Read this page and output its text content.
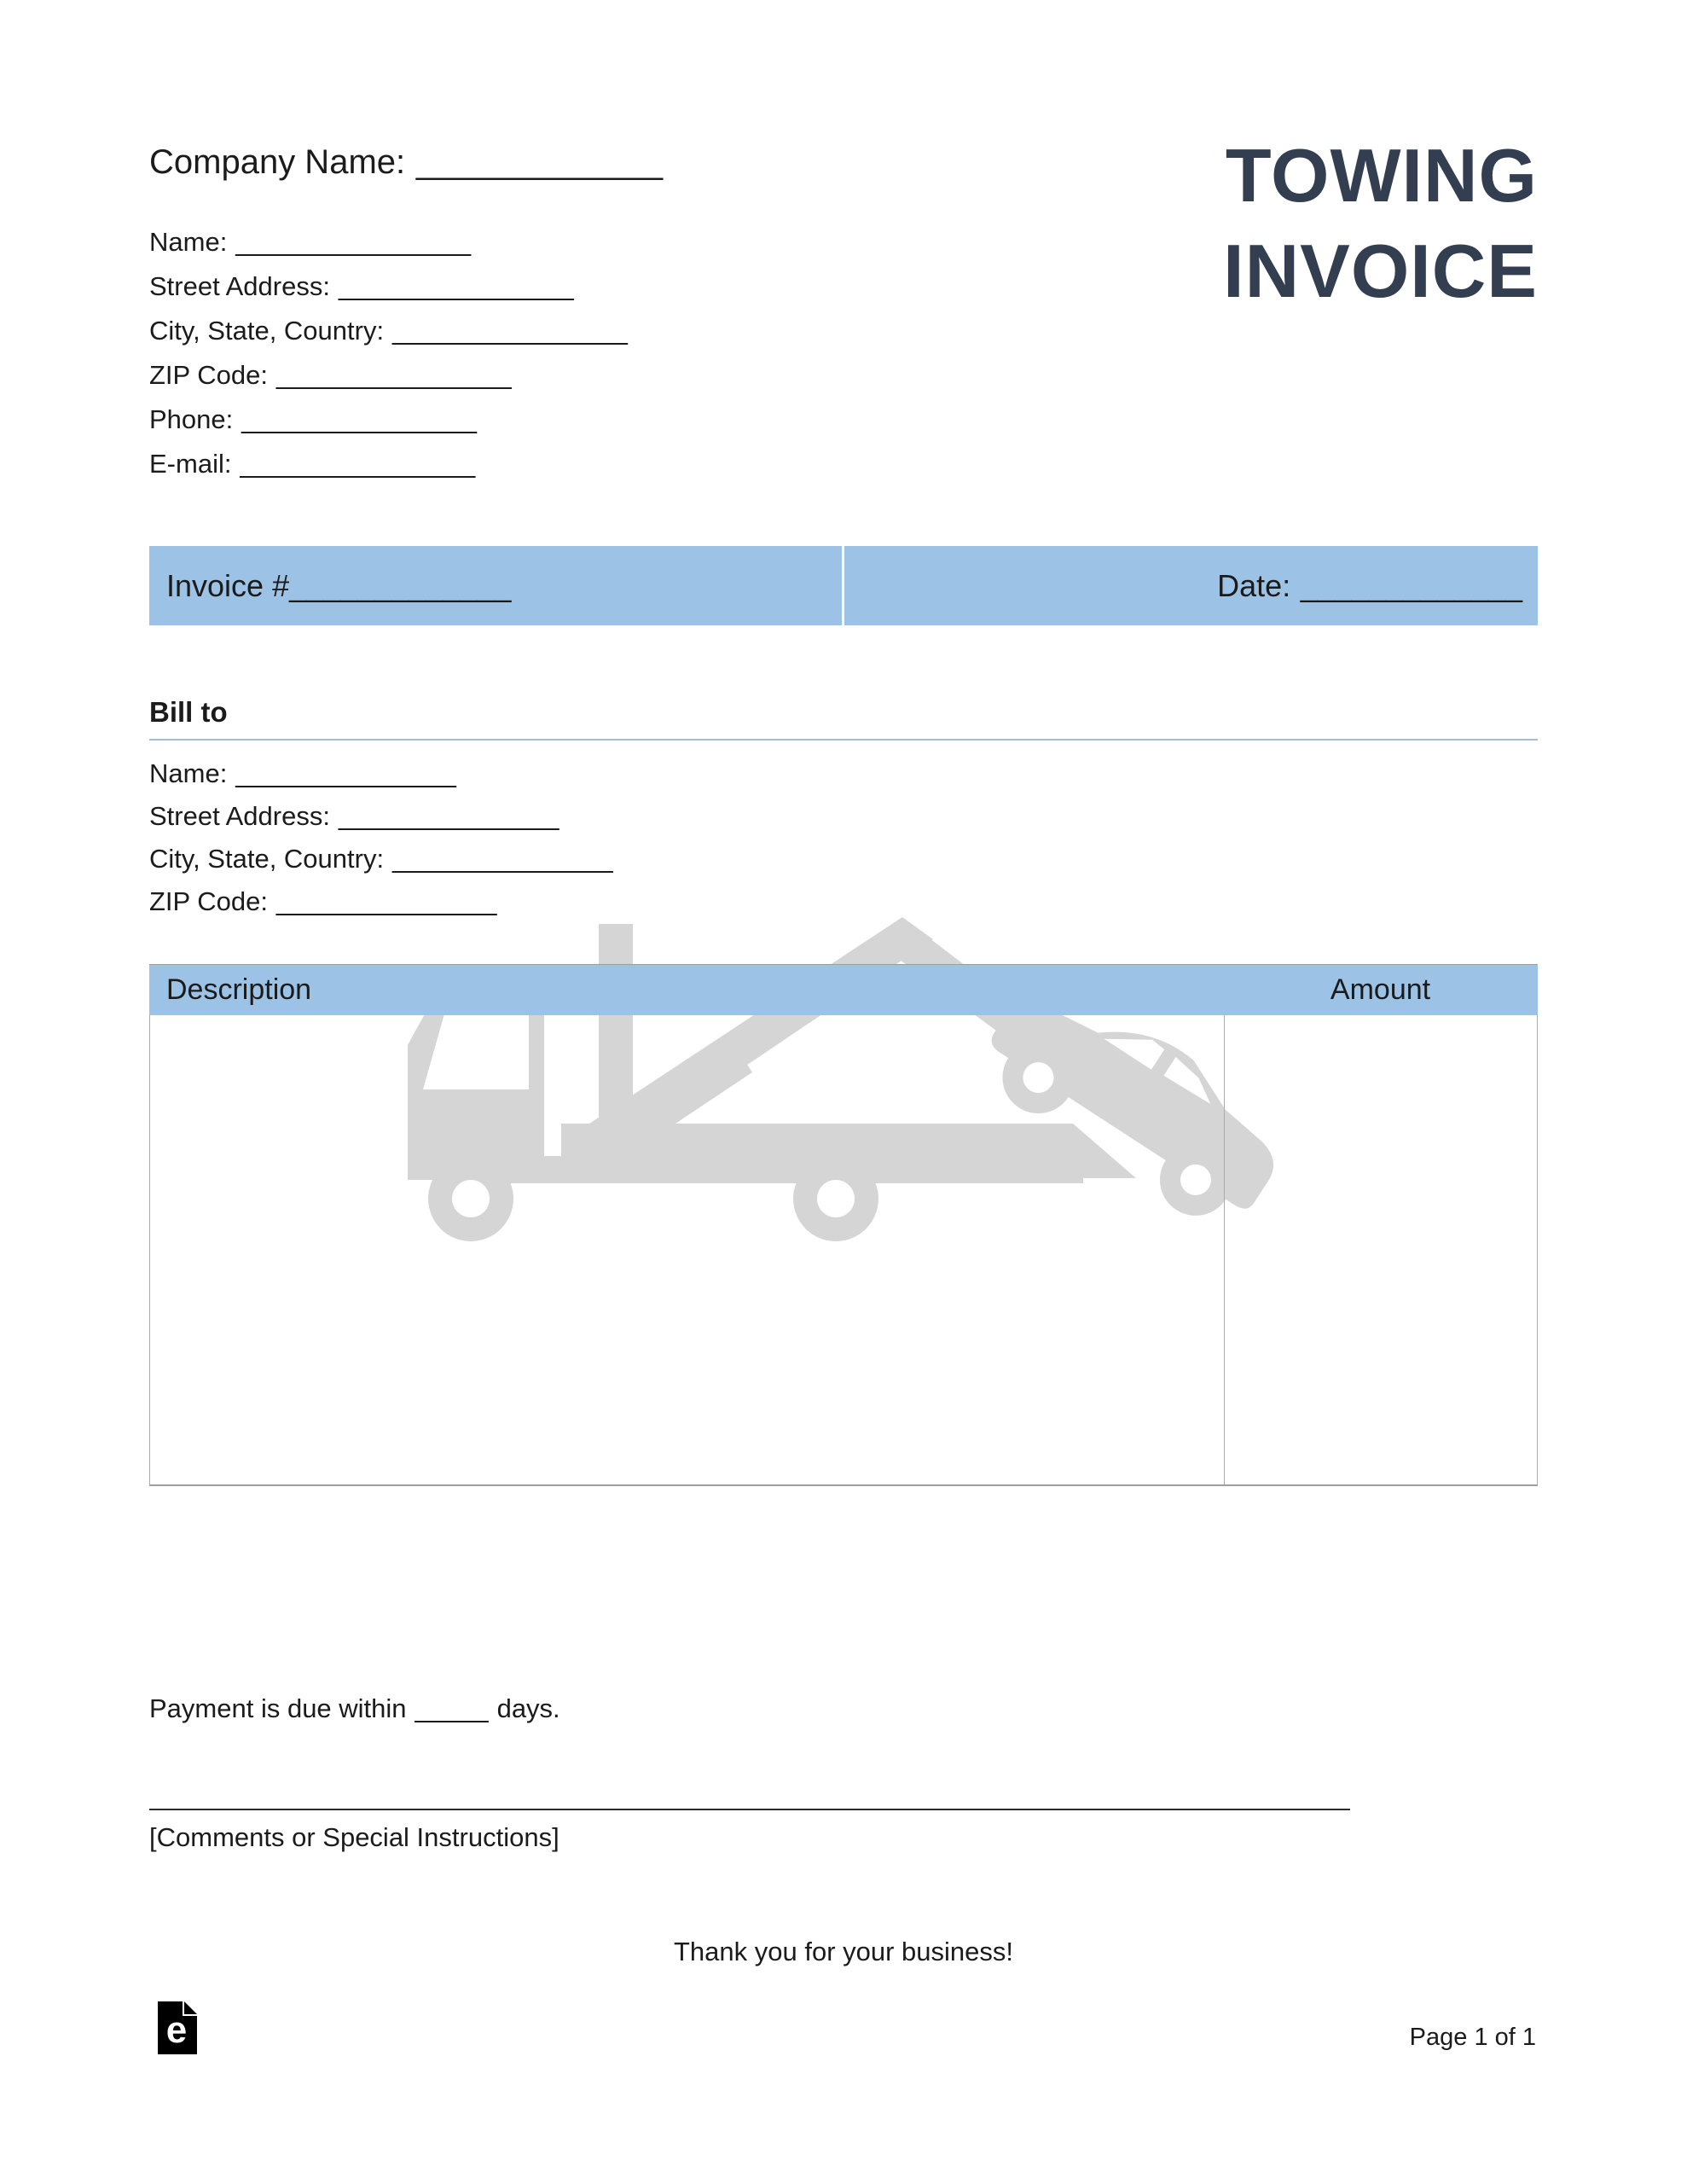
Company Name: _____________
Name: ________________
Street Address: ________________
City, State, Country: ________________
ZIP Code: ________________
Phone: ________________
E-mail: ________________
TOWING
INVOICE
Invoice # _____________	Date: _____________
Bill to
Name: _______________
Street Address: _______________
City, State, Country: _______________
ZIP Code: _______________
Description	Amount
Payment is due within _____ days.
[Comments or Special Instructions]
Thank you for your business!
e	Page 1 of 1
